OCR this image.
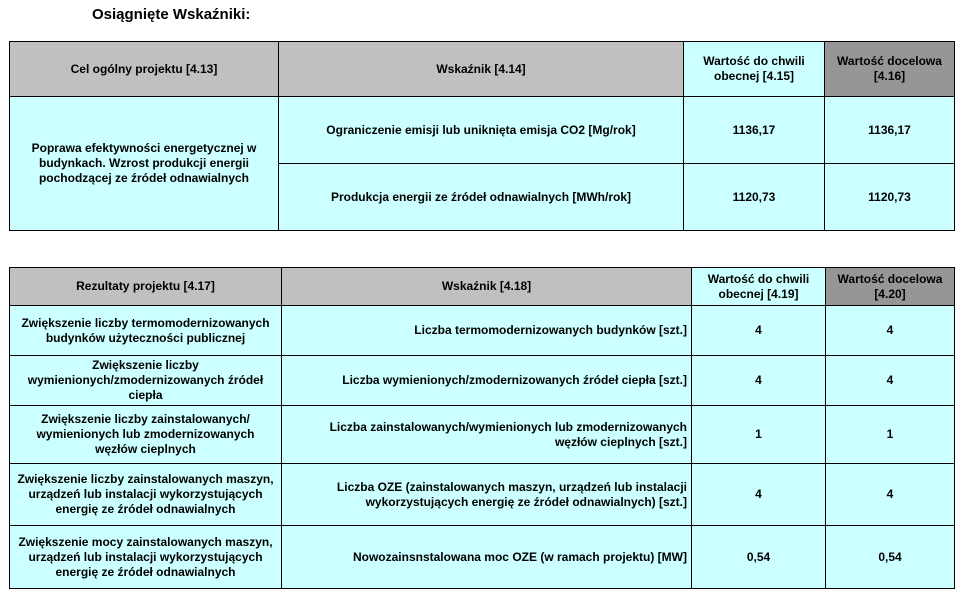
Osiągnięte Wskaźniki:
Cel ogólny projektu [4.13]	Wskaźnik [4.14]	Wartość do chwili obecnej [4.15]	Wartość docelowa [4.16]
Poprawa efektywności energetycznej w budynkach. Wzrost produkcji energii pochodzącej ze źródeł odnawialnych	Ograniczenie emisji lub uniknięta emisja CO2 [Mg/rok]	1136,17	1136,17
	Produkcja energii ze źródeł odnawialnych [MWh/rok]	1120,73	1120,73
Rezultaty projektu [4.17]	Wskaźnik [4.18]	Wartość do chwili obecnej [4.19]	Wartość docelowa [4.20]
Zwiększenie liczby termomodernizowanych budynków użyteczności publicznej	Liczba termomodernizowanych budynków [szt.]	4	4
Zwiększenie liczby wymienionych/zmodernizowanych źródeł ciepła	Liczba wymienionych/zmodernizowanych źródeł ciepła [szt.]	4	4
Zwiększenie liczby zainstalowanych/ wymienionych lub zmodernizowanych węzłów cieplnych	Liczba zainstalowanych/wymienionych lub zmodernizowanych węzłów cieplnych [szt.]	1	1
Zwiększenie liczby zainstalowanych maszyn, urządzeń lub instalacji wykorzystujących energię ze źródeł odnawialnych	Liczba OZE (zainstalowanych maszyn, urządzeń lub instalacji wykorzystujących energię ze źródeł odnawialnych) [szt.]	4	4
Zwiększenie mocy zainstalowanych maszyn, urządzeń lub instalacji wykorzystujących energię ze źródeł odnawialnych	Nowozainsnstalowana moc OZE (w ramach projektu) [MW]	0,54	0,54
